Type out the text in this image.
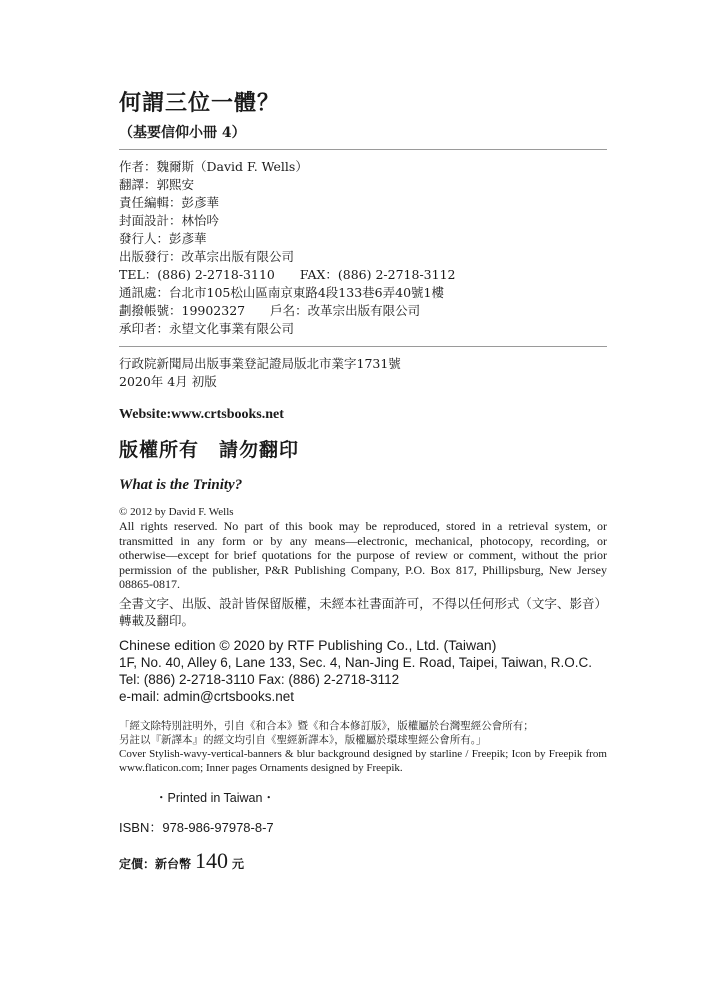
何謂三位一體？
（基要信仰小冊 4）
作者：魏爾斯（David F. Wells）
翻譯：郭熙安
責任編輯：彭彥華
封面設計：林怡吟
發行人：彭彥華
出版發行：改革宗出版有限公司
TEL：(886) 2-2718-3110　　FAX：(886) 2-2718-3112
通訊處：台北市105松山區南京東路4段133巷6弄40號1樓
劃撥帳號：19902327　　戶名：改革宗出版有限公司
承印者：永望文化事業有限公司
行政院新聞局出版事業登記證局版北市業字1731號
2020年 4月 初版
Website:www.crtsbooks.net
版權所有　請勿翻印
What is the Trinity?
© 2012 by David F. Wells
All rights reserved. No part of this book may be reproduced, stored in a retrieval system, or transmitted in any form or by any means—electronic, mechanical, photocopy, recording, or otherwise—except for brief quotations for the purpose of review or comment, without the prior permission of the publisher, P&R Publishing Company, P.O. Box 817, Phillipsburg, New Jersey 08865-0817.
全書文字、出版、設計皆保留版權，未經本社書面許可，不得以任何形式（文字、影音）轉載及翻印。
Chinese edition © 2020 by RTF Publishing Co., Ltd. (Taiwan)
1F, No. 40, Alley 6, Lane 133, Sec. 4, Nan-Jing E. Road, Taipei, Taiwan, R.O.C.
Tel: (886) 2-2718-3110 Fax: (886) 2-2718-3112
e-mail: admin@crtsbooks.net
「經文除特別註明外，引自《和合本》暨《和合本修訂版》，版權屬於台灣聖經公會所有；
另註以『新譯本』的經文均引自《聖經新譯本》，版權屬於環球聖經公會所有。」
Cover Stylish-wavy-vertical-banners & blur background designed by starline / Freepik; Icon by Freepik from www.flaticon.com; Inner pages Ornaments designed by Freepik.
・Printed in Taiwan・
ISBN：978-986-97978-8-7
定價：新台幣 140 元
